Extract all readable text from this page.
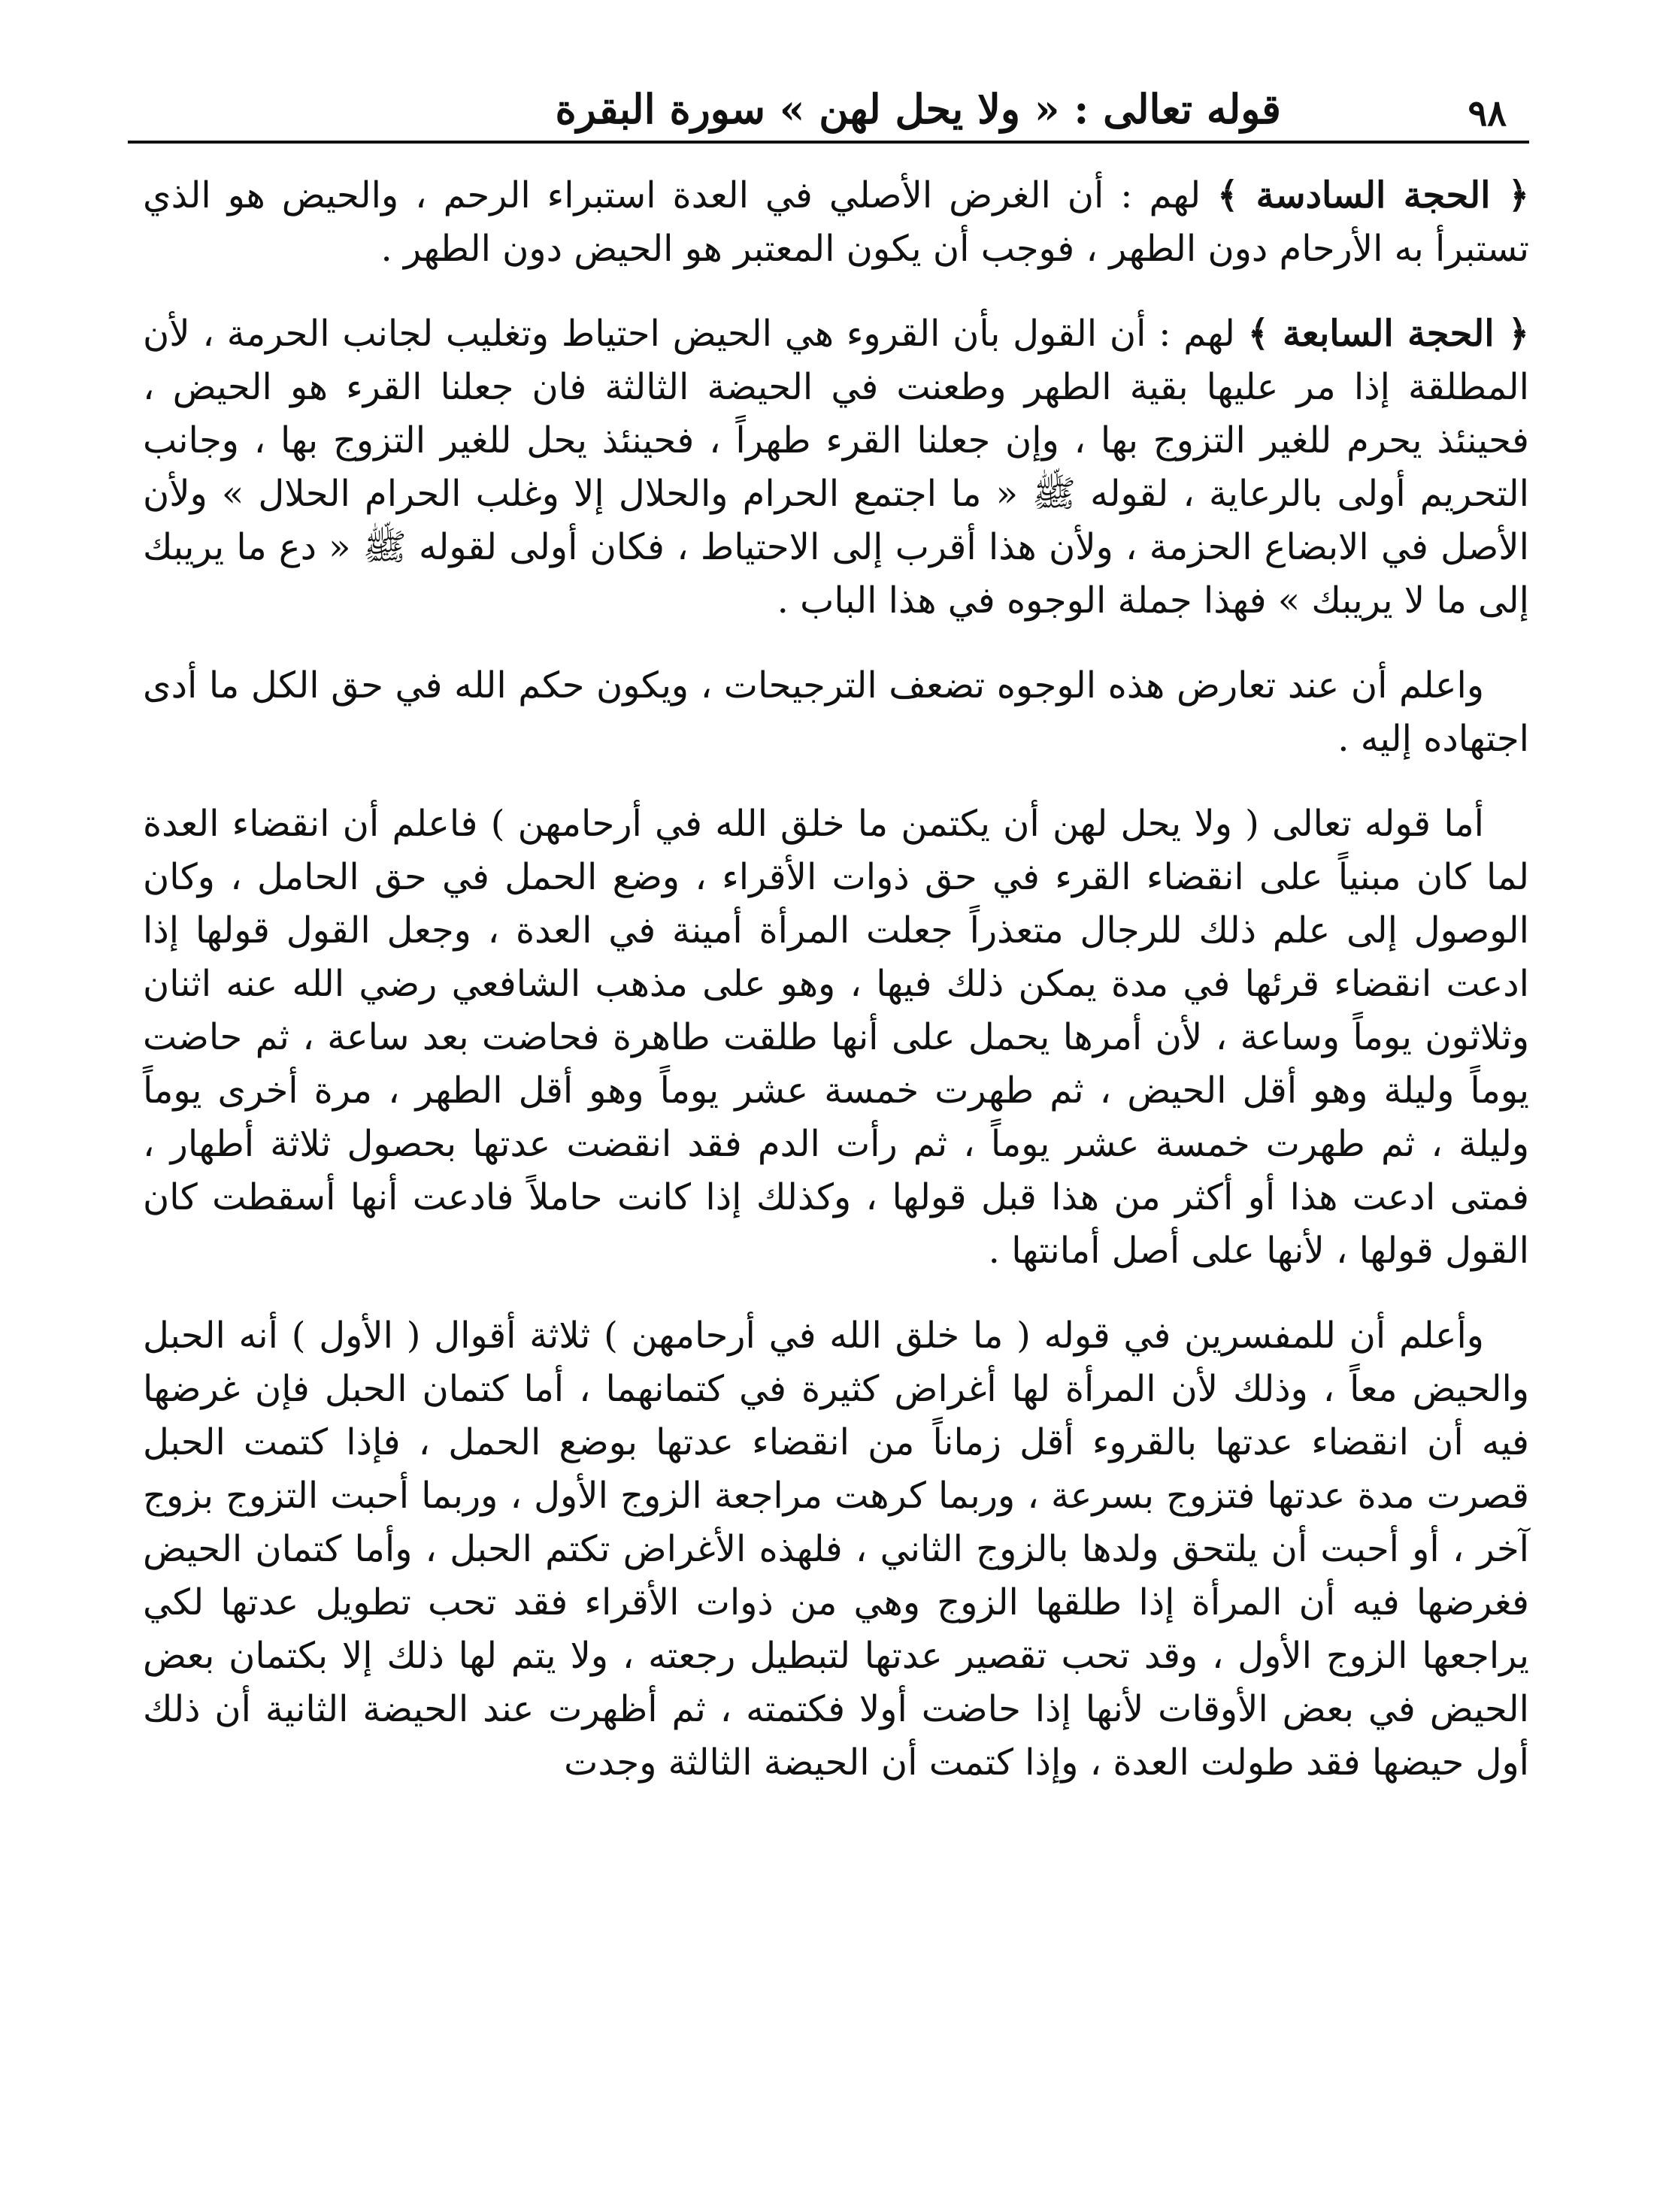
٩٨
قوله تعالى : « ولا يحل لهن » سورة البقرة

﴿ الحجة السادسة ﴾ لهم : أن الغرض الأصلي في العدة استبراء الرحم ، والحيض هو الذي تستبرأ به الأرحام دون الطهر ، فوجب أن يكون المعتبر هو الحيض دون الطهر .

﴿ الحجة السابعة ﴾ لهم : أن القول بأن القروء هي الحيض احتياط وتغليب لجانب الحرمة ، لأن المطلقة إذا مر عليها بقية الطهر وطعنت في الحيضة الثالثة فان جعلنا القرء هو الحيض ، فحينئذ يحرم للغير التزوج بها ، وإن جعلنا القرء طهراً ، فحينئذ يحل للغير التزوج بها ، وجانب التحريم أولى بالرعاية ، لقوله ﷺ « ما اجتمع الحرام والحلال إلا وغلب الحرام الحلال » ولأن الأصل في الابضاع الحزمة ، ولأن هذا أقرب إلى الاحتياط ، فكان أولى لقوله ﷺ « دع ما يريبك إلى ما لا يريبك » فهذا جملة الوجوه في هذا الباب .

واعلم أن عند تعارض هذه الوجوه تضعف الترجيحات ، ويكون حكم الله في حق الكل ما أدى اجتهاده إليه .

أما قوله تعالى ( ولا يحل لهن أن يكتمن ما خلق الله في أرحامهن ) فاعلم أن انقضاء العدة لما كان مبنياً على انقضاء القرء في حق ذوات الأقراء ، وضع الحمل في حق الحامل ، وكان الوصول إلى علم ذلك للرجال متعذراً جعلت المرأة أمينة في العدة ، وجعل القول قولها إذا ادعت انقضاء قرئها في مدة يمكن ذلك فيها ، وهو على مذهب الشافعي رضي الله عنه اثنان وثلاثون يوماً وساعة ، لأن أمرها يحمل على أنها طلقت طاهرة فحاضت بعد ساعة ، ثم حاضت يوماً وليلة وهو أقل الحيض ، ثم طهرت خمسة عشر يوماً وهو أقل الطهر ، مرة أخرى يوماً وليلة ، ثم طهرت خمسة عشر يوماً ، ثم رأت الدم فقد انقضت عدتها بحصول ثلاثة أطهار ، فمتى ادعت هذا أو أكثر من هذا قبل قولها ، وكذلك إذا كانت حاملاً فادعت أنها أسقطت كان القول قولها ، لأنها على أصل أمانتها .

وأعلم أن للمفسرين في قوله ( ما خلق الله في أرحامهن ) ثلاثة أقوال ( الأول ) أنه الحبل والحيض معاً ، وذلك لأن المرأة لها أغراض كثيرة في كتمانهما ، أما كتمان الحبل فإن غرضها فيه أن انقضاء عدتها بالقروء أقل زماناً من انقضاء عدتها بوضع الحمل ، فإذا كتمت الحبل قصرت مدة عدتها فتزوج بسرعة ، وربما كرهت مراجعة الزوج الأول ، وربما أحبت التزوج بزوج آخر ، أو أحبت أن يلتحق ولدها بالزوج الثاني ، فلهذه الأغراض تكتم الحبل ، وأما كتمان الحيض فغرضها فيه أن المرأة إذا طلقها الزوج وهي من ذوات الأقراء فقد تحب تطويل عدتها لكي يراجعها الزوج الأول ، وقد تحب تقصير عدتها لتبطيل رجعته ، ولا يتم لها ذلك إلا بكتمان بعض الحيض في بعض الأوقات لأنها إذا حاضت أولا فكتمته ، ثم أظهرت عند الحيضة الثانية أن ذلك أول حيضها فقد طولت العدة ، وإذا كتمت أن الحيضة الثالثة وجدت
